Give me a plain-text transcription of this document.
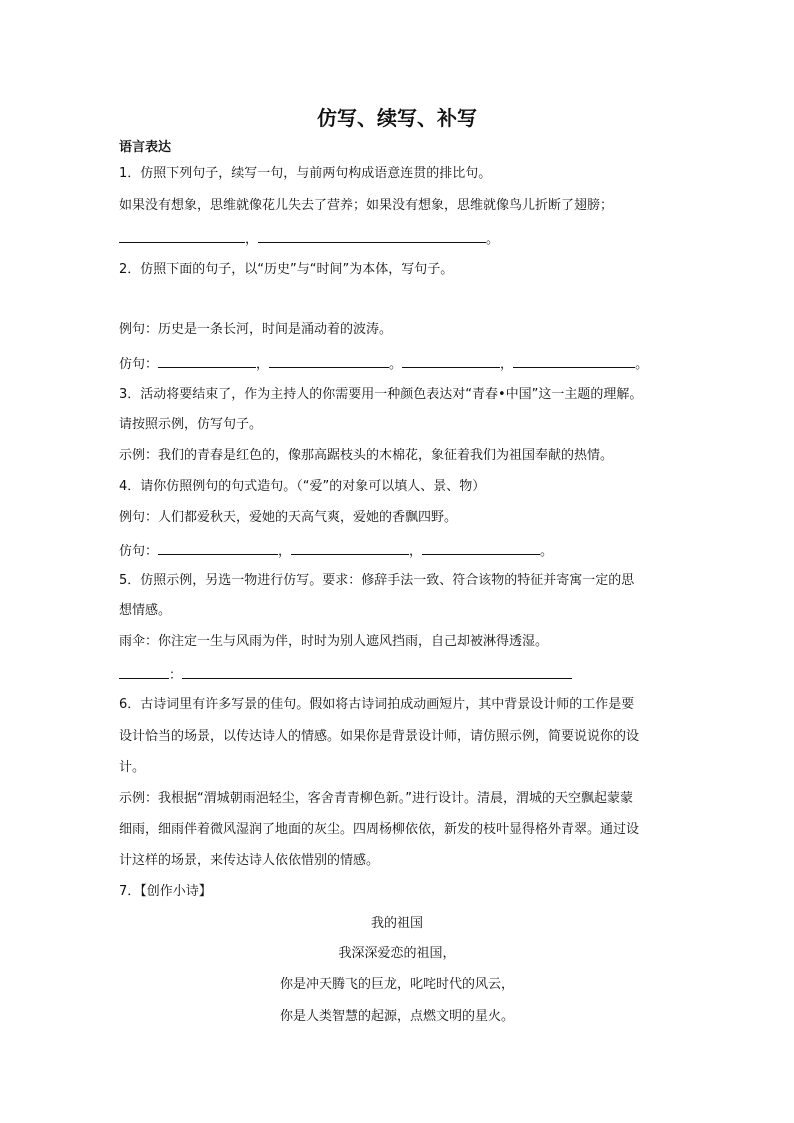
仿写、续写、补写
语言表达
1．仿照下列句子，续写一句，与前两句构成语意连贯的排比句。
如果没有想象，思维就像花儿失去了营养；如果没有想象，思维就像鸟儿折断了翅膀；
，	。
2．仿照下面的句子，以“历史”与“时间”为本体，写句子。
例句：历史是一条长河，时间是涌动着的波涛。
仿句：	，	。	，	。
3．活动将要结束了，作为主持人的你需要用一种颜色表达对“青春•中国”这一主题的理解。
请按照示例，仿写句子。
示例：我们的青春是红色的，像那高踞枝头的木棉花，象征着我们为祖国奉献的热情。
4．请你仿照例句的句式造句。（“爱”的对象可以填人、景、物）
例句：人们都爱秋天，爱她的天高气爽，爱她的香飘四野。
仿句：	，	，	。
5．仿照示例，另选一物进行仿写。要求：修辞手法一致、符合该物的特征并寄寓一定的思
想情感。
雨伞：你注定一生与风雨为伴，时时为别人遮风挡雨，自己却被淋得透湿。
：
6．古诗词里有许多写景的佳句。假如将古诗词拍成动画短片，其中背景设计师的工作是要
设计恰当的场景，以传达诗人的情感。如果你是背景设计师，请仿照示例，简要说说你的设
计。
示例：我根据“渭城朝雨浥轻尘，客舍青青柳色新。”进行设计。清晨，渭城的天空飘起蒙蒙
细雨，细雨伴着微风湿润了地面的灰尘。四周杨柳依依，新发的枝叶显得格外青翠。通过设
计这样的场景，来传达诗人依依惜别的情感。
7．【创作小诗】
我的祖国
我深深爱恋的祖国，
你是冲天腾飞的巨龙，叱咤时代的风云，
你是人类智慧的起源，点燃文明的星火。
